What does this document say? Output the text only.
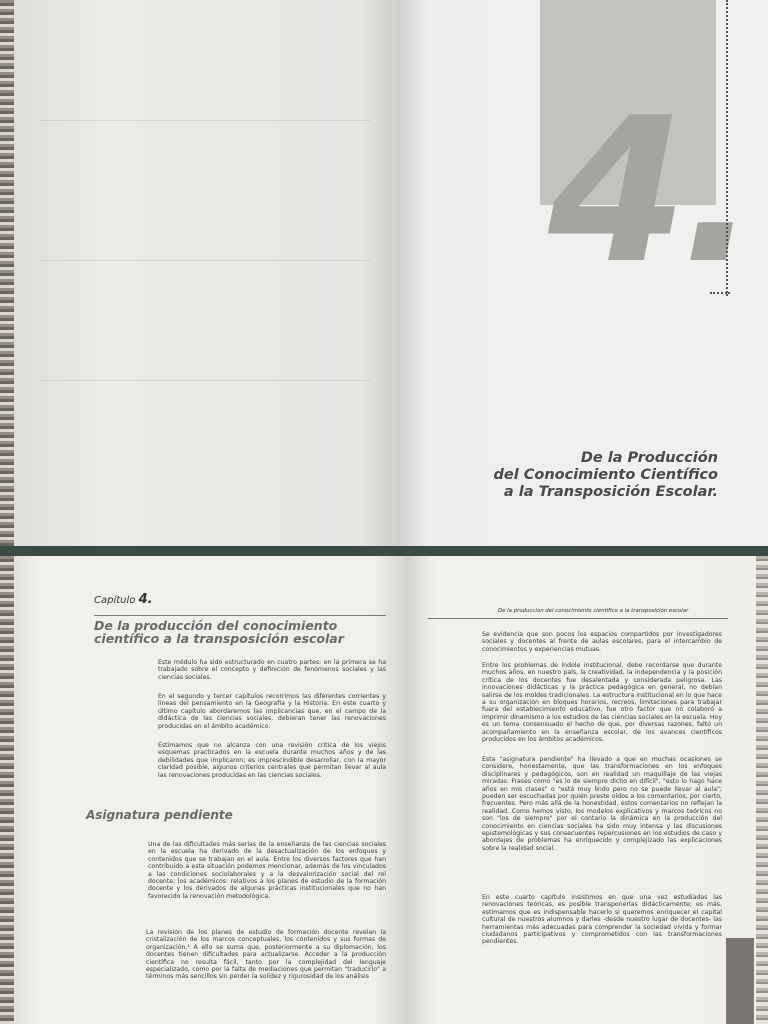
4.
De la Producción
del Conocimiento Científico
a la Transposición Escolar.
Capítulo 4.
De la producción del conocimiento científico a la transposición escolar
Este módulo ha sido estructurado en cuatro partes: en la primera se ha trabajado sobre el concepto y definición de fenómenos sociales y las ciencias sociales.
En el segundo y tercer capítulos recorrimos las diferentes corrientes y líneas del pensamiento en la Geografía y la Historia. En este cuarto y último capítulo abordaremos las implicancias que, en el campo de la didáctica de las ciencias sociales, debieran tener las renovaciones producidas en el ámbito académico.
Estimamos que no alcanza con una revisión crítica de los viejos esquemas practicados en la escuela durante muchos años y de las debilidades que implicaron; es imprescindible desarrollar, con la mayor claridad posible, algunos criterios centrales que permitan llevar al aula las renovaciones producidas en las ciencias sociales.
Asignatura pendiente
Una de las dificultades más serias de la enseñanza de las ciencias sociales en la escuela ha derivado de la desactualización de los enfoques y contenidos que se trabajan en el aula. Entre los diversos factores que han contribuido a esta situación podemos mencionar, además de los vinculados a las condiciones sociolaborales y a la desvalorización social del rol docente; los académicos: relativos a los planes de estudio de la formación docente y los derivados de algunas prácticas institucionales que no han favorecido la renovación metodológica.
La revisión de los planes de estudio de formación docente revelan la cristalización de los marcos conceptuales, los contenidos y sus formas de organización.¹ A ello se suma que, posteriormente a su diplomación, los docentes tienen dificultades para actualizarse. Acceder a la producción científica no resulta fácil, tanto por la complejidad del lenguaje especializado, como por la falta de mediaciones que permitan "traducirlo" a términos más sencillos sin perder la solidez y rigurosidad de los análisis
De la producción del conocimiento científico a la transposición escolar
Se evidencia que son pocos los espacios compartidos por investigadores sociales y docentes al frente de aulas escolares, para el intercambio de conocimientos y experiencias mutuas.
Entre los problemas de índole institucional, debe recordarse que durante muchos años, en nuestro país, la creatividad, la independencia y la posición crítica de los docentes fue desalentada y considerada peligrosa. Las innovaciones didácticas y la práctica pedagógica en general, no debían salirse de los moldes tradicionales. La estructura institucional en lo que hace a su organización en bloques horarios, recreos, limitaciones para trabajar fuera del establecimiento educativo, fue otro factor que no colaboró a imprimir dinamismo a los estudios de las ciencias sociales en la escuela. Hoy es un tema consensuado el hecho de que, por diversas razones, faltó un acompañamiento en la enseñanza escolar, de los avances científicos producidos en los ámbitos académicos.
Esta "asignatura pendiente" ha llevado a que en muchas ocasiones se considere, honestamente, que las transformaciones en los enfoques disciplinares y pedagógicos, son en realidad un maquillaje de las viejas miradas. Frases como "es lo de siempre dicho en difícil", "esto lo hago hace años en mis clases" o "está muy lindo pero no se puede llevar al aula"; pueden ser escuchadas por quién preste oídos a los comentarios, por cierto, frecuentes. Pero más allá de la honestidad, estos comentarios no reflejan la realidad. Como hemos visto, los modelos explicativos y marcos teóricos no son "los de siempre" por el contario la dinámica en la producción del conocimiento en ciencias sociales ha sido muy intensa y las discusiones epistemológicas y sus consecuentes repercusiones en los estudios de caso y abordajes de problemas ha enriquecido y complejizado las explicaciones sobre la realidad social.
En este cuarto capítulo insistimos en que una vez estudiadas las renovaciones teóricas, es posible transponerlas didácticamente; es más, estimamos que es indispensable hacerlo si queremos enriquecer el capital cultural de nuestros alumnos y darles -desde nuestro lugar de docentes- las herramientas más adecuadas para comprender la sociedad vivida y formar ciudadanos participativos y comprometidos con las transformaciones pendientes.
